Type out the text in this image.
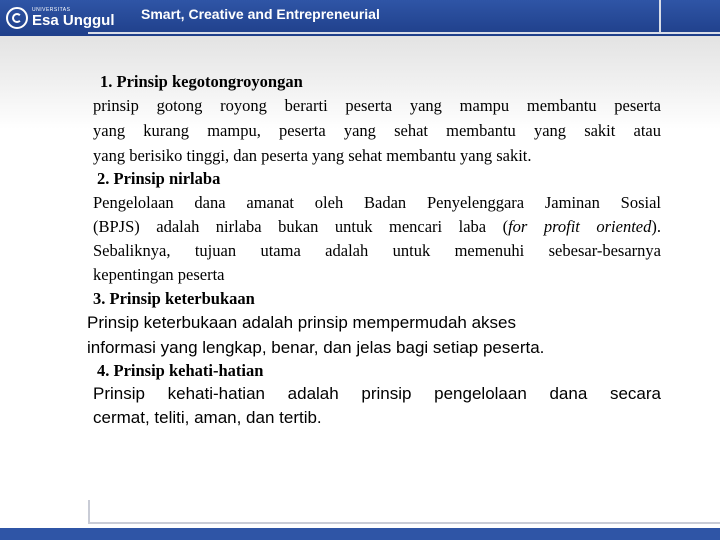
UNIVERSITAS
Esa Unggul Smart, Creative and Entrepreneurial
1. Prinsip kegotongroyongan
prinsip gotong royong berarti peserta yang mampu membantu peserta
yang kurang mampu, peserta yang sehat membantu yang sakit atau
yang berisiko tinggi, dan peserta yang sehat membantu yang sakit.
2. Prinsip nirlaba
Pengelolaan dana amanat oleh Badan Penyelenggara Jaminan Sosial
(BPJS) adalah nirlaba bukan untuk mencari laba (for profit oriented).
Sebaliknya, tujuan utama adalah untuk memenuhi sebesar-besarnya
kepentingan peserta
3. Prinsip keterbukaan
Prinsip keterbukaan adalah prinsip mempermudah akses
informasi yang lengkap, benar, dan jelas bagi setiap peserta.
4. Prinsip kehati-hatian
Prinsip kehati-hatian adalah prinsip pengelolaan dana secara
cermat, teliti, aman, dan tertib.
